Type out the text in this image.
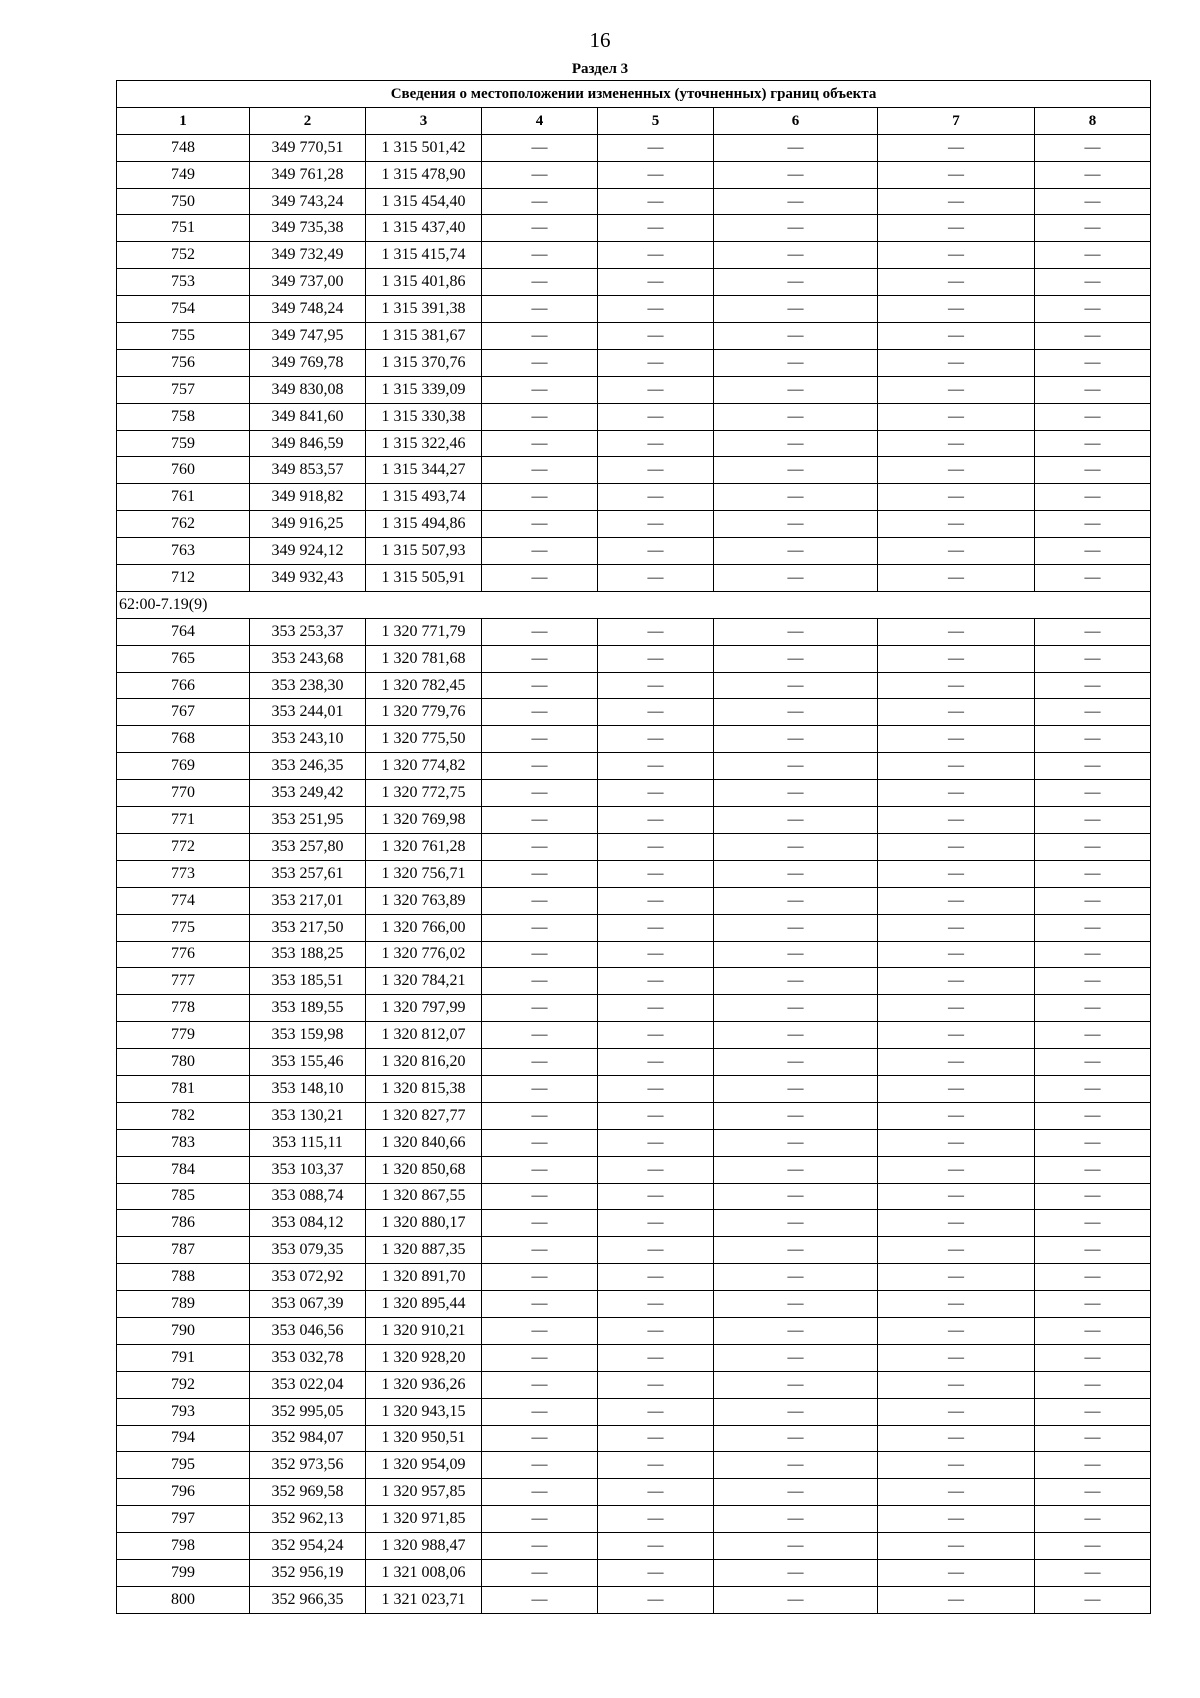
16
Раздел 3
Сведения о местоположении измененных (уточненных) границ объекта							
1	2	3	4	5	6	7	8
748	349 770,51	1 315 501,42	—	—	—	—	—
749	349 761,28	1 315 478,90	—	—	—	—	—
750	349 743,24	1 315 454,40	—	—	—	—	—
751	349 735,38	1 315 437,40	—	—	—	—	—
752	349 732,49	1 315 415,74	—	—	—	—	—
753	349 737,00	1 315 401,86	—	—	—	—	—
754	349 748,24	1 315 391,38	—	—	—	—	—
755	349 747,95	1 315 381,67	—	—	—	—	—
756	349 769,78	1 315 370,76	—	—	—	—	—
757	349 830,08	1 315 339,09	—	—	—	—	—
758	349 841,60	1 315 330,38	—	—	—	—	—
759	349 846,59	1 315 322,46	—	—	—	—	—
760	349 853,57	1 315 344,27	—	—	—	—	—
761	349 918,82	1 315 493,74	—	—	—	—	—
762	349 916,25	1 315 494,86	—	—	—	—	—
763	349 924,12	1 315 507,93	—	—	—	—	—
712	349 932,43	1 315 505,91	—	—	—	—	—
62:00-7.19(9)							
764	353 253,37	1 320 771,79	—	—	—	—	—
765	353 243,68	1 320 781,68	—	—	—	—	—
766	353 238,30	1 320 782,45	—	—	—	—	—
767	353 244,01	1 320 779,76	—	—	—	—	—
768	353 243,10	1 320 775,50	—	—	—	—	—
769	353 246,35	1 320 774,82	—	—	—	—	—
770	353 249,42	1 320 772,75	—	—	—	—	—
771	353 251,95	1 320 769,98	—	—	—	—	—
772	353 257,80	1 320 761,28	—	—	—	—	—
773	353 257,61	1 320 756,71	—	—	—	—	—
774	353 217,01	1 320 763,89	—	—	—	—	—
775	353 217,50	1 320 766,00	—	—	—	—	—
776	353 188,25	1 320 776,02	—	—	—	—	—
777	353 185,51	1 320 784,21	—	—	—	—	—
778	353 189,55	1 320 797,99	—	—	—	—	—
779	353 159,98	1 320 812,07	—	—	—	—	—
780	353 155,46	1 320 816,20	—	—	—	—	—
781	353 148,10	1 320 815,38	—	—	—	—	—
782	353 130,21	1 320 827,77	—	—	—	—	—
783	353 115,11	1 320 840,66	—	—	—	—	—
784	353 103,37	1 320 850,68	—	—	—	—	—
785	353 088,74	1 320 867,55	—	—	—	—	—
786	353 084,12	1 320 880,17	—	—	—	—	—
787	353 079,35	1 320 887,35	—	—	—	—	—
788	353 072,92	1 320 891,70	—	—	—	—	—
789	353 067,39	1 320 895,44	—	—	—	—	—
790	353 046,56	1 320 910,21	—	—	—	—	—
791	353 032,78	1 320 928,20	—	—	—	—	—
792	353 022,04	1 320 936,26	—	—	—	—	—
793	352 995,05	1 320 943,15	—	—	—	—	—
794	352 984,07	1 320 950,51	—	—	—	—	—
795	352 973,56	1 320 954,09	—	—	—	—	—
796	352 969,58	1 320 957,85	—	—	—	—	—
797	352 962,13	1 320 971,85	—	—	—	—	—
798	352 954,24	1 320 988,47	—	—	—	—	—
799	352 956,19	1 321 008,06	—	—	—	—	—
800	352 966,35	1 321 023,71	—	—	—	—	—
